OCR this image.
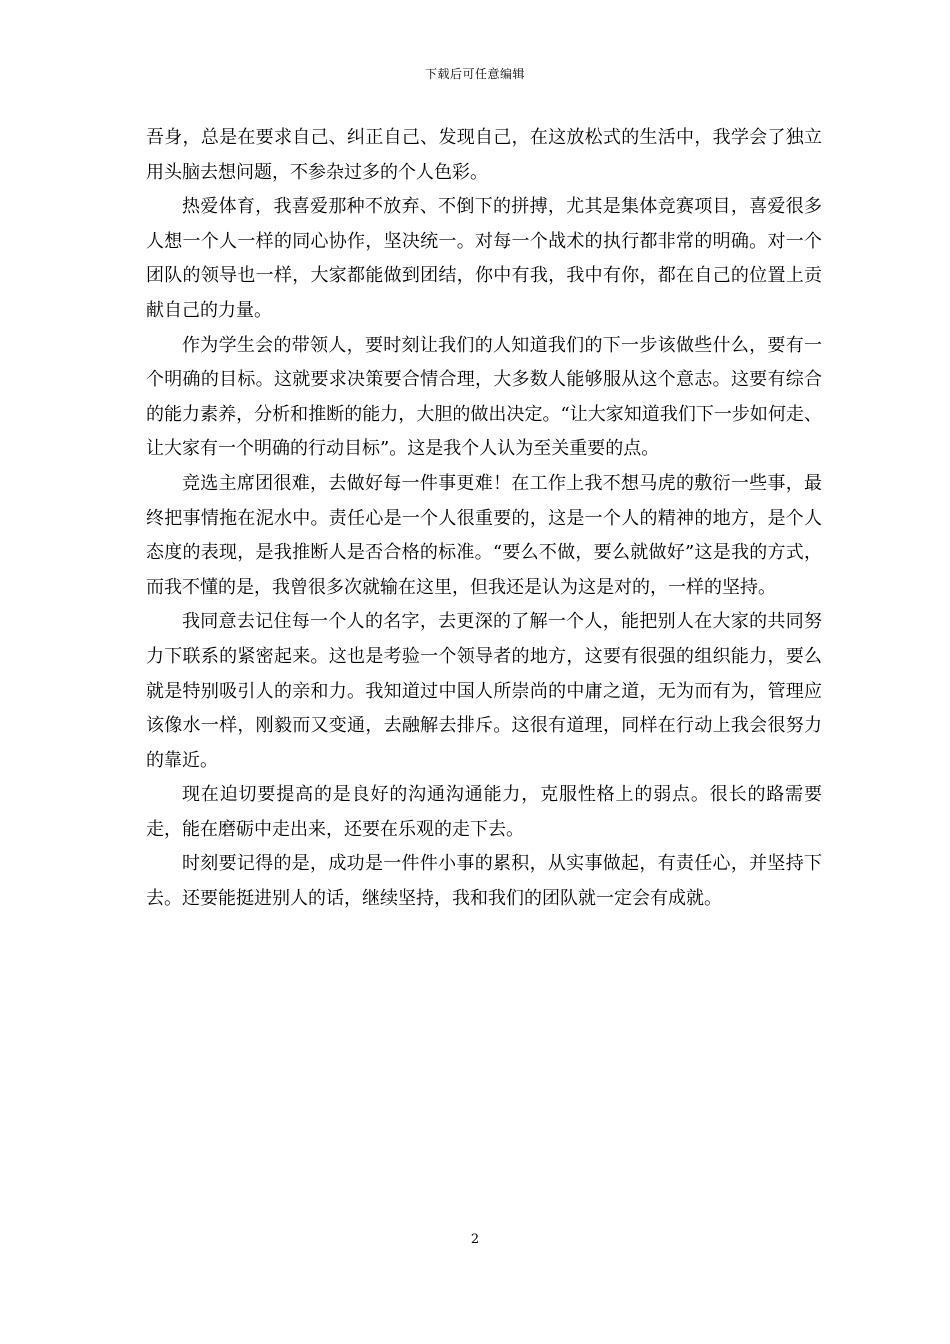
下载后可任意编辑

吾身，总是在要求自己、纠正自己、发现自己，在这放松式的生活中，我学会了独立用头脑去想问题，不参杂过多的个人色彩。

热爱体育，我喜爱那种不放弃、不倒下的拼搏，尤其是集体竞赛项目，喜爱很多人想一个人一样的同心协作，坚决统一。对每一个战术的执行都非常的明确。对一个团队的领导也一样，大家都能做到团结，你中有我，我中有你，都在自己的位置上贡献自己的力量。

作为学生会的带领人，要时刻让我们的人知道我们的下一步该做些什么，要有一个明确的目标。这就要求决策要合情合理，大多数人能够服从这个意志。这要有综合的能力素养，分析和推断的能力，大胆的做出决定。“让大家知道我们下一步如何走、让大家有一个明确的行动目标”。这是我个人认为至关重要的点。

竞选主席团很难，去做好每一件事更难！在工作上我不想马虎的敷衍一些事，最终把事情拖在泥水中。责任心是一个人很重要的，这是一个人的精神的地方，是个人态度的表现，是我推断人是否合格的标准。“要么不做，要么就做好”这是我的方式，而我不懂的是，我曾很多次就输在这里，但我还是认为这是对的，一样的坚持。

我同意去记住每一个人的名字，去更深的了解一个人，能把别人在大家的共同努力下联系的紧密起来。这也是考验一个领导者的地方，这要有很强的组织能力，要么就是特别吸引人的亲和力。我知道过中国人所崇尚的中庸之道，无为而有为，管理应该像水一样，刚毅而又变通，去融解去排斥。这很有道理，同样在行动上我会很努力的靠近。

现在迫切要提高的是良好的沟通沟通能力，克服性格上的弱点。很长的路需要走，能在磨砺中走出来，还要在乐观的走下去。

时刻要记得的是，成功是一件件小事的累积，从实事做起，有责任心，并坚持下去。还要能挺进别人的话，继续坚持，我和我们的团队就一定会有成就。

2
